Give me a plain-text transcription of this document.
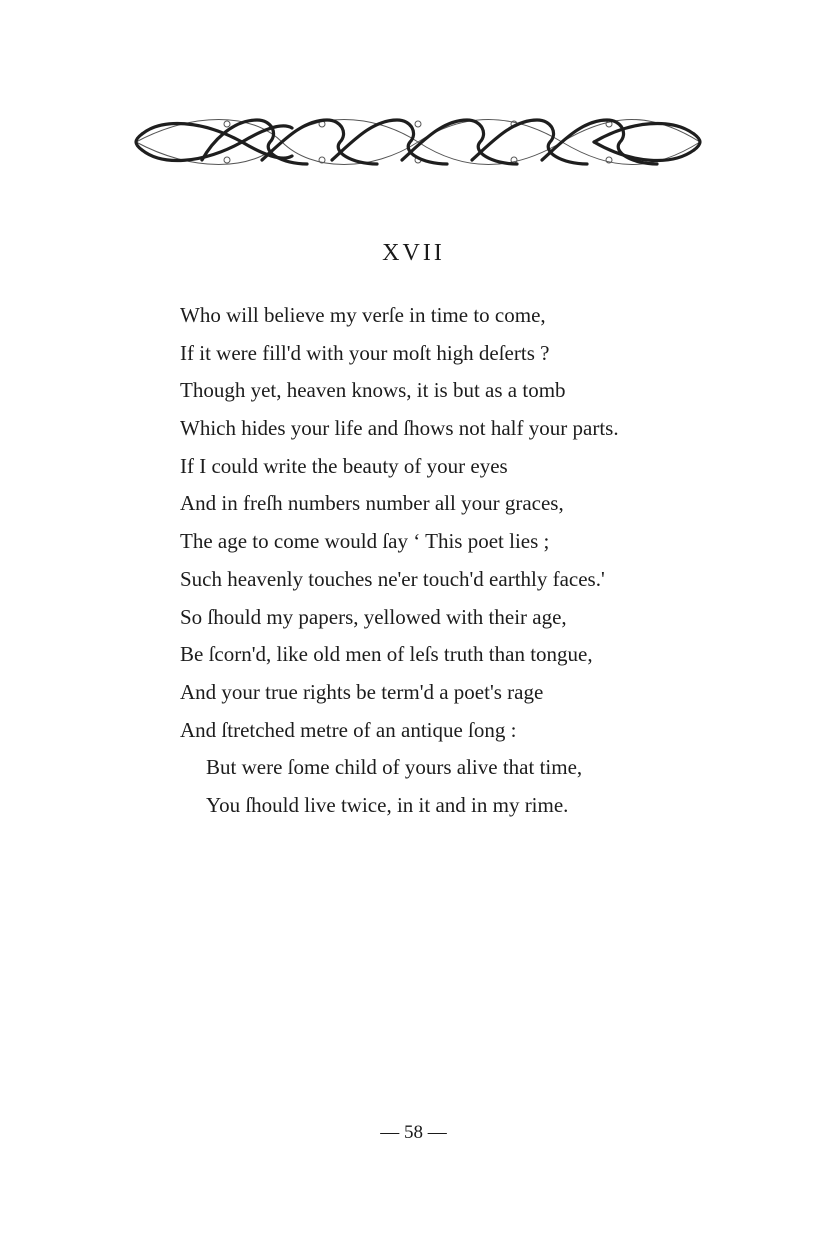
XVII
Who will believe my verſe in time to come,
If it were fill'd with your moſt high deſerts ?
Though yet, heaven knows, it is but as a tomb
Which hides your life and ſhows not half your parts.
If I could write the beauty of your eyes
And in freſh numbers number all your graces,
The age to come would ſay ‘ This poet lies ;
Such heavenly touches ne'er touch'd earthly faces.'
So ſhould my papers, yellowed with their age,
Be ſcorn'd, like old men of leſs truth than tongue,
And your true rights be term'd a poet's rage
And ſtretched metre of an antique ſong :
But were ſome child of yours alive that time,
You ſhould live twice, in it and in my rime.
— 58 —
